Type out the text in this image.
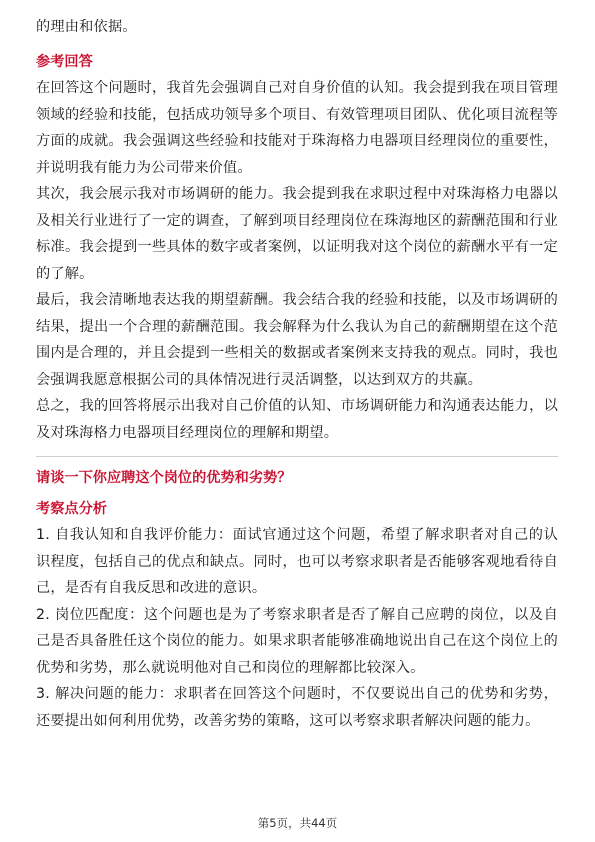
的理由和依据。

参考回答

在回答这个问题时，我首先会强调自己对自身价值的认知。我会提到我在项目管理领域的经验和技能，包括成功领导多个项目、有效管理项目团队、优化项目流程等方面的成就。我会强调这些经验和技能对于珠海格力电器项目经理岗位的重要性，并说明我有能力为公司带来价值。

其次，我会展示我对市场调研的能力。我会提到我在求职过程中对珠海格力电器以及相关行业进行了一定的调查，了解到项目经理岗位在珠海地区的薪酬范围和行业标准。我会提到一些具体的数字或者案例，以证明我对这个岗位的薪酬水平有一定的了解。

最后，我会清晰地表达我的期望薪酬。我会结合我的经验和技能，以及市场调研的结果，提出一个合理的薪酬范围。我会解释为什么我认为自己的薪酬期望在这个范围内是合理的，并且会提到一些相关的数据或者案例来支持我的观点。同时，我也会强调我愿意根据公司的具体情况进行灵活调整，以达到双方的共赢。

总之，我的回答将展示出我对自己价值的认知、市场调研能力和沟通表达能力，以及对珠海格力电器项目经理岗位的理解和期望。

请谈一下你应聘这个岗位的优势和劣势？
考察点分析

1. 自我认知和自我评价能力：面试官通过这个问题，希望了解求职者对自己的认识程度，包括自己的优点和缺点。同时，也可以考察求职者是否能够客观地看待自己，是否有自我反思和改进的意识。

2. 岗位匹配度：这个问题也是为了考察求职者是否了解自己应聘的岗位，以及自己是否具备胜任这个岗位的能力。如果求职者能够准确地说出自己在这个岗位上的优势和劣势，那么就说明他对自己和岗位的理解都比较深入。

3. 解决问题的能力：求职者在回答这个问题时，不仅要说出自己的优势和劣势，还要提出如何利用优势，改善劣势的策略，这可以考察求职者解决问题的能力。

第5页，共44页
